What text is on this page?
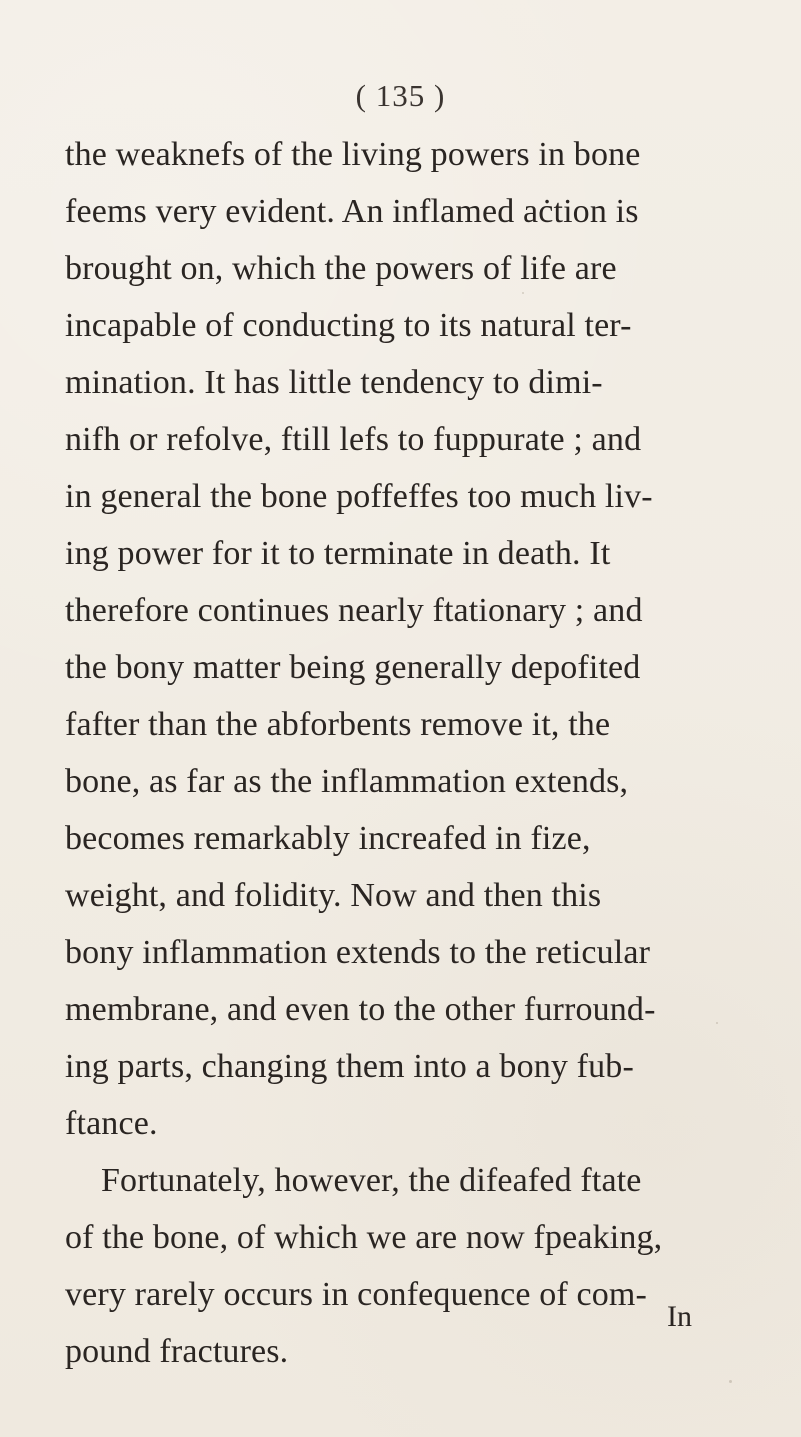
( 135 )
the weaknefs of the living powers in bone
feems very evident. An inflamed aċtion is
brought on, which the powers of life are
incapable of conducting to its natural ter-
mination. It has little tendency to dimi-
nifh or refolve, ftill lefs to fuppurate ; and
in general the bone poffeffes too much liv-
ing power for it to terminate in death. It
therefore continues nearly ftationary ; and
the bony matter being generally depofited
fafter than the abforbents remove it, the
bone, as far as the inflammation extends,
becomes remarkably increafed in fize,
weight, and folidity. Now and then this
bony inflammation extends to the reticular
membrane, and even to the other furround-
ing parts, changing them into a bony fub-
ftance.
Fortunately, however, the difeafed ftate
of the bone, of which we are now fpeaking,
very rarely occurs in confequence of com-
pound fractures.
In
